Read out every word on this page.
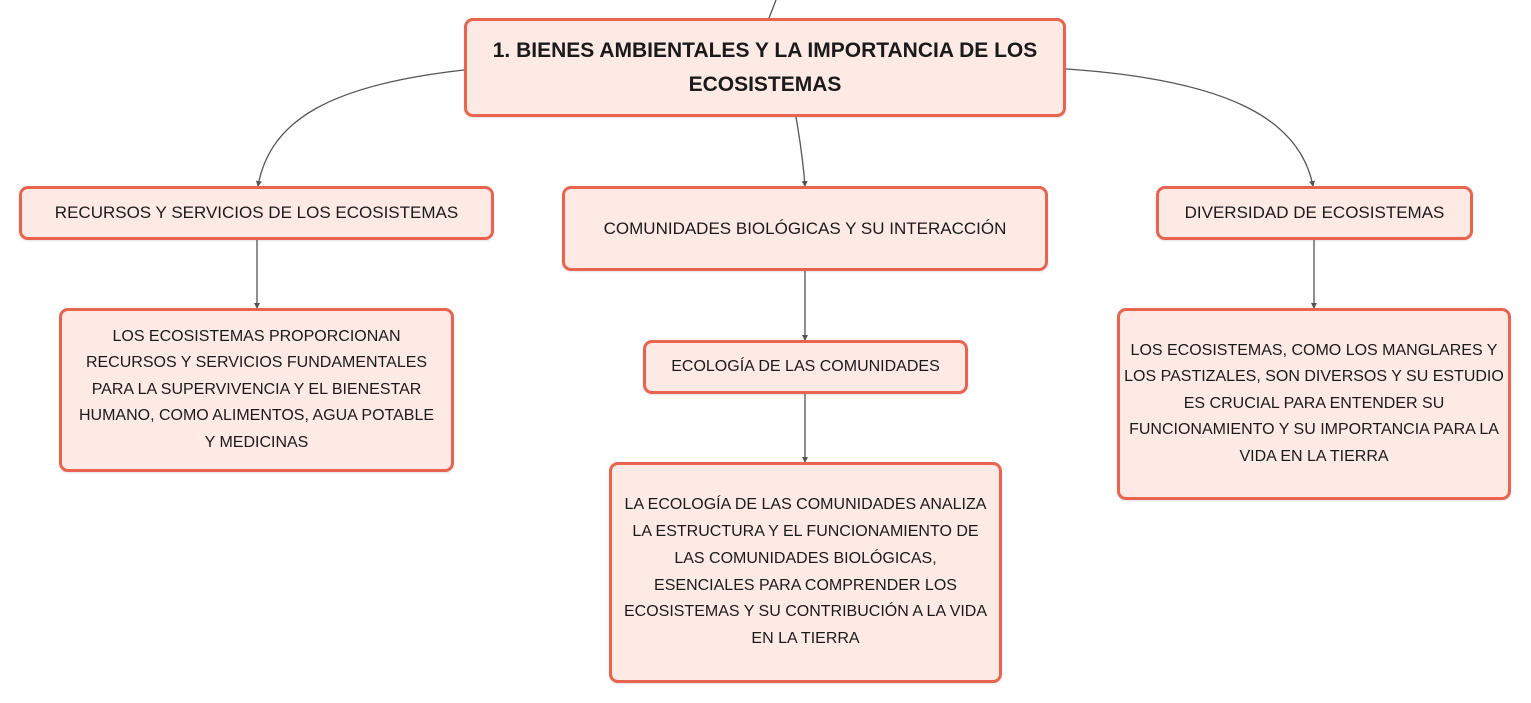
1. BIENES AMBIENTALES Y LA IMPORTANCIA DE LOS ECOSISTEMAS
RECURSOS Y SERVICIOS DE LOS ECOSISTEMAS
COMUNIDADES BIOLÓGICAS Y SU INTERACCIÓN
DIVERSIDAD DE ECOSISTEMAS
LOS ECOSISTEMAS PROPORCIONAN RECURSOS Y SERVICIOS FUNDAMENTALES PARA LA SUPERVIVENCIA Y EL BIENESTAR HUMANO, COMO ALIMENTOS, AGUA POTABLE Y MEDICINAS
ECOLOGÍA DE LAS COMUNIDADES
LA ECOLOGÍA DE LAS COMUNIDADES ANALIZA LA ESTRUCTURA Y EL FUNCIONAMIENTO DE LAS COMUNIDADES BIOLÓGICAS, ESENCIALES PARA COMPRENDER LOS ECOSISTEMAS Y SU CONTRIBUCIÓN A LA VIDA EN LA TIERRA
LOS ECOSISTEMAS, COMO LOS MANGLARES Y LOS PASTIZALES, SON DIVERSOS Y SU ESTUDIO ES CRUCIAL PARA ENTENDER SU FUNCIONAMIENTO Y SU IMPORTANCIA PARA LA VIDA EN LA TIERRA
